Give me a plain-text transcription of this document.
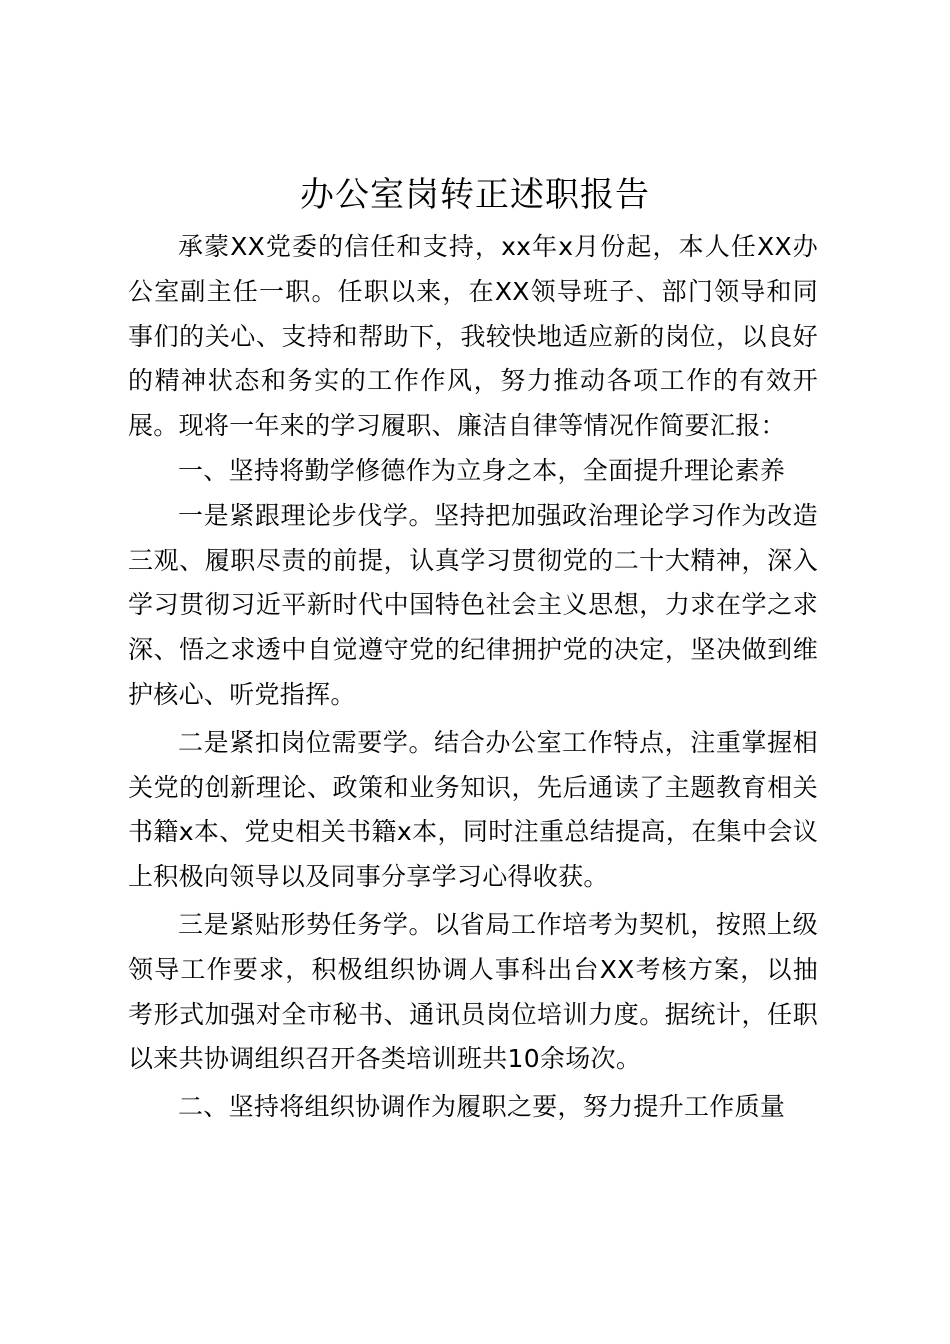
办公室岗转正述职报告

承蒙XX党委的信任和支持，xx年x月份起，本人任XX办公室副主任一职。任职以来，在XX领导班子、部门领导和同事们的关心、支持和帮助下，我较快地适应新的岗位，以良好的精神状态和务实的工作作风，努力推动各项工作的有效开展。现将一年来的学习履职、廉洁自律等情况作简要汇报：

一、坚持将勤学修德作为立身之本，全面提升理论素养

一是紧跟理论步伐学。坚持把加强政治理论学习作为改造三观、履职尽责的前提，认真学习贯彻党的二十大精神，深入学习贯彻习近平新时代中国特色社会主义思想，力求在学之求深、悟之求透中自觉遵守党的纪律拥护党的决定，坚决做到维护核心、听党指挥。

二是紧扣岗位需要学。结合办公室工作特点，注重掌握相关党的创新理论、政策和业务知识，先后通读了主题教育相关书籍x本、党史相关书籍x本，同时注重总结提高，在集中会议上积极向领导以及同事分享学习心得收获。

三是紧贴形势任务学。以省局工作培考为契机，按照上级领导工作要求，积极组织协调人事科出台XX考核方案，以抽考形式加强对全市秘书、通讯员岗位培训力度。据统计，任职以来共协调组织召开各类培训班共10余场次。

二、坚持将组织协调作为履职之要，努力提升工作质量
